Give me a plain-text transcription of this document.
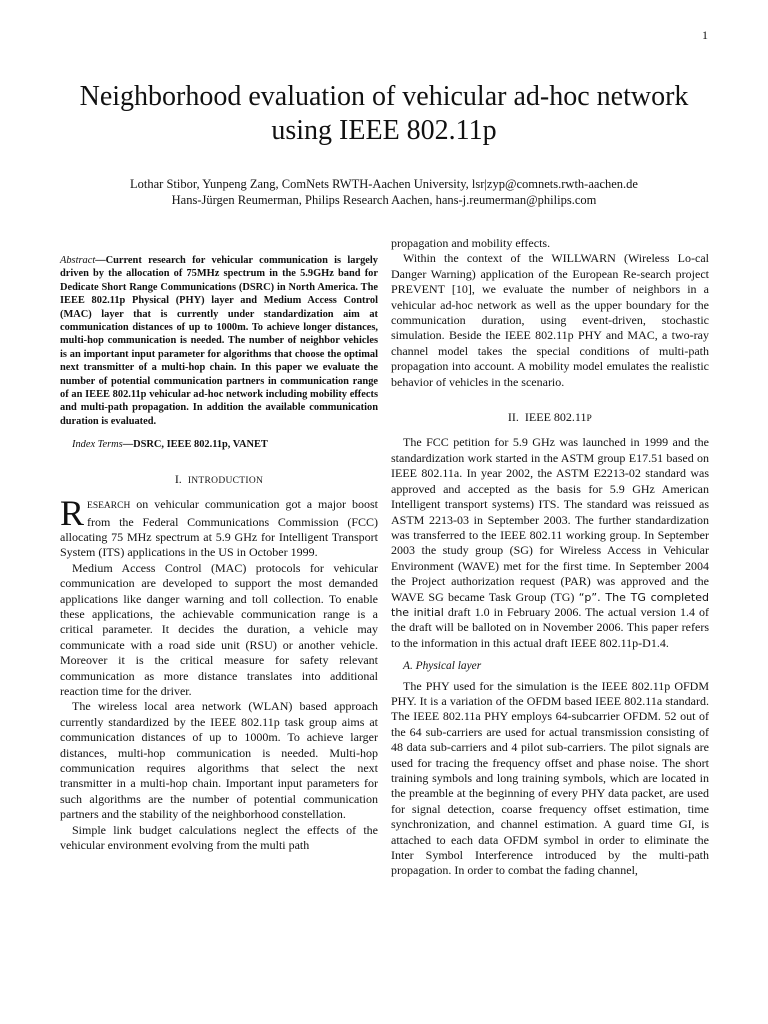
1
Neighborhood evaluation of vehicular ad-hoc network using IEEE 802.11p
Lothar Stibor, Yunpeng Zang, ComNets RWTH-Aachen University, lsr|zyp@comnets.rwth-aachen.de
Hans-Jürgen Reumerman, Philips Research Aachen, hans-j.reumerman@philips.com

Abstract—Current research for vehicular communication is largely driven by the allocation of 75MHz spectrum in the 5.9GHz band for Dedicate Short Range Communications (DSRC) in North America. The IEEE 802.11p Physical (PHY) layer and Medium Access Control (MAC) layer that is currently under standardization aim at communication distances of up to 1000m. To achieve longer distances, multi-hop communication is needed. The number of neighbor vehicles is an important input parameter for algorithms that choose the optimal next transmitter of a multi-hop chain. In this paper we evaluate the number of potential communication partners in communication range of an IEEE 802.11p vehicular ad-hoc network including mobility effects and multi-path propagation. In addition the available communication duration is evaluated.

Index Terms—DSRC, IEEE 802.11p, VANET

I. INTRODUCTION

RESEARCH on vehicular communication got a major boost from the Federal Communications Commission (FCC) allocating 75 MHz spectrum at 5.9 GHz for Intelligent Transport System (ITS) applications in the US in October 1999.

Medium Access Control (MAC) protocols for vehicular communication are developed to support the most demanded applications like danger warning and toll collection. To enable these applications, the achievable communication range is a critical parameter. It decides the duration, a vehicle may communicate with a road side unit (RSU) or another vehicle. Moreover it is the critical measure for safety relevant communication as more distance translates into additional reaction time for the driver.

The wireless local area network (WLAN) based approach currently standardized by the IEEE 802.11p task group aims at communication distances of up to 1000m. To achieve larger distances, multi-hop communication is needed. Multi-hop communication requires algorithms that select the next transmitter in a multi-hop chain. Important input parameters for such algorithms are the number of potential communication partners and the stability of the neighborhood constellation.

Simple link budget calculations neglect the effects of the vehicular environment evolving from the multi path

propagation and mobility effects.

Within the context of the WILLWARN (Wireless Lo-cal Danger Warning) application of the European Re-search project PREVENT [10], we evaluate the number of neighbors in a vehicular ad-hoc network as well as the upper boundary for the communication duration, using event-driven, stochastic simulation. Beside the IEEE 802.11p PHY and MAC, a two-ray channel model takes the special conditions of multi-path propagation into account. A mobility model emulates the realistic behavior of vehicles in the scenario.

II. IEEE 802.11P

The FCC petition for 5.9 GHz was launched in 1999 and the standardization work started in the ASTM group E17.51 based on IEEE 802.11a. In year 2002, the ASTM E2213-02 standard was approved and accepted as the basis for 5.9 GHz American Intelligent transport systems) ITS. The standard was reissued as ASTM 2213-03 in September 2003. The further standardization was transferred to the IEEE 802.11 working group. In September 2003 the study group (SG) for Wireless Access in Vehicular Environment (WAVE) met for the first time. In September 2004 the Project authorization request (PAR) was approved and the WAVE SG became Task Group (TG) “p”. The TG completed the initial draft 1.0 in February 2006. The actual version 1.4 of the draft will be balloted on in November 2006. This paper refers to the information in this actual draft IEEE 802.11p-D1.4.

A. Physical layer

The PHY used for the simulation is the IEEE 802.11p OFDM PHY. It is a variation of the OFDM based IEEE 802.11a standard. The IEEE 802.11a PHY employs 64-subcarrier OFDM. 52 out of the 64 sub-carriers are used for actual transmission consisting of 48 data sub-carriers and 4 pilot sub-carriers. The pilot signals are used for tracing the frequency offset and phase noise. The short training symbols and long training symbols, which are located in the preamble at the beginning of every PHY data packet, are used for signal detection, coarse frequency offset estimation, time synchronization, and channel estimation. A guard time GI, is attached to each data OFDM symbol in order to eliminate the Inter Symbol Interference introduced by the multi-path propagation. In order to combat the fading channel,
